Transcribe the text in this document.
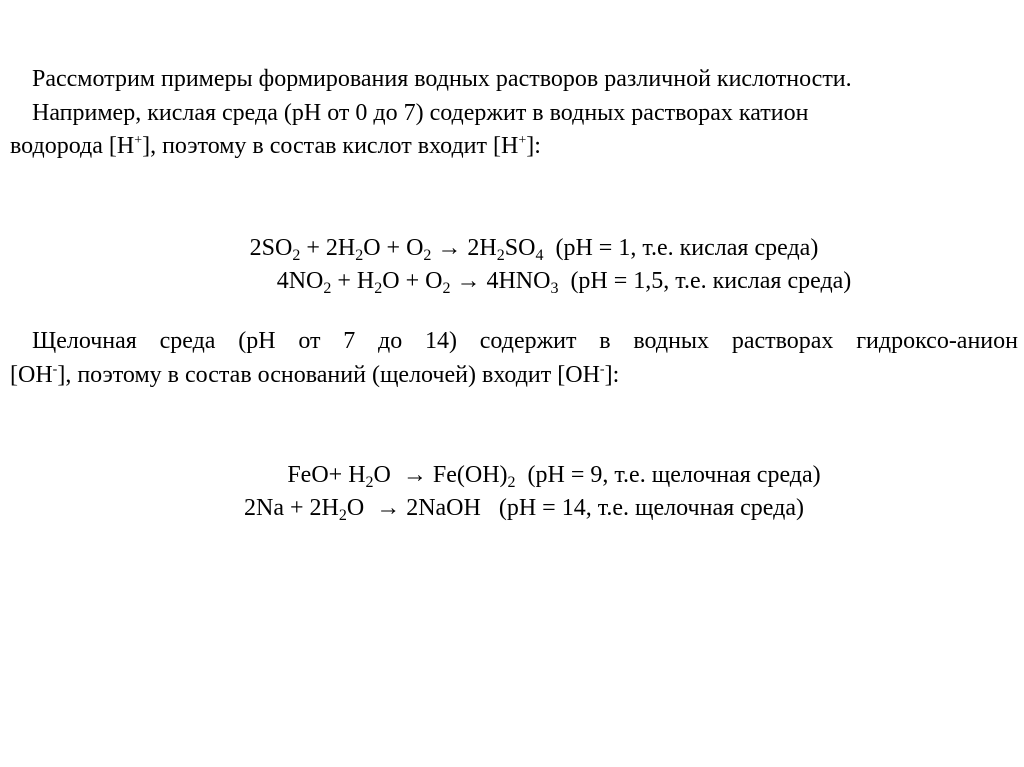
Рассмотрим примеры формирования водных растворов различной кислотности.
Например, кислая среда (pH от 0 до 7) содержит в водных растворах катион
водорода [H+], поэтому в состав кислот входит [H+]:

$2SO_2 + 2H_2O + O_2 \to 2H_2SO_4$  (pH = 1, т.е. кислая среда)

$4NO_2 + H_2O + O_2 \to 4HNO_3$  (pH = 1,5, т.е. кислая среда)

Щелочная среда (pH от 7 до 14) содержит в водных растворах гидроксо-анион
[OH-], поэтому в состав оснований (щелочей) входит [OH-]:

$FeO+ H_2O \to Fe(OH)_2$  (pH = 9, т.е. щелочная среда)

$2Na + 2H_2O$  → 2NaOH   (pH = 14, т.е. щелочная среда)
